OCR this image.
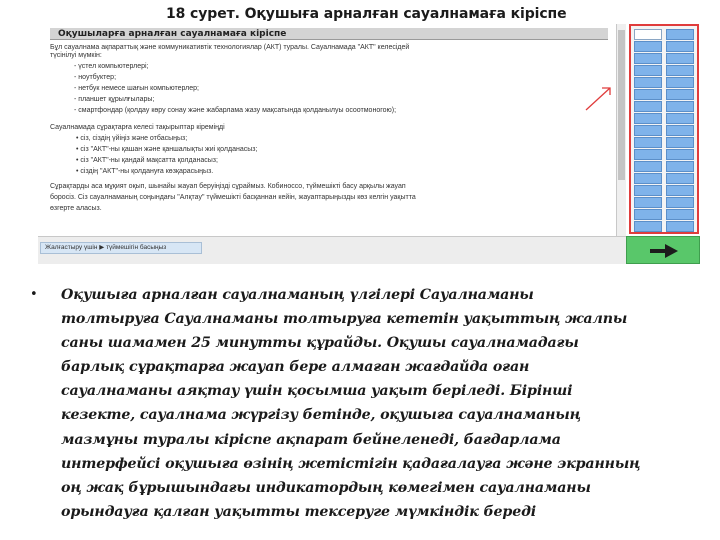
18 сурет. Оқушыға арналған сауалнамаға кіріспе
Оқушыларға арналған сауалнамаға кіріспе

Бұл сауалнама ақпараттық және коммуникативтік технологиялар (АКТ) туралы. Сауалнамада "АКТ" келесідей

түсінілуі мүмкін:

- үстел компьютерлері;

- ноутбуктер;

- нетбук немесе шағын компьютерлер;

- планшет құрылғылары;

- смартфондар (қолдау көру сонау және жабарлама жазу мақсатында қолданылуы осоотмоногою);

Сауалнамада сұрақтарға келесі тақырыптар кіреміңді

• сіз, сіздің үйіңіз және отбасыңыз;

• сіз "АКТ"-ны қашан және қаншалықты жиі қолданасыз;

• сіз "АКТ"-ны қандай мақсатта қолданасыз;

• сіздің "АКТ"-ны қолдануға көзқарасыңыз.

Сұрақтарды аса мұқият оқып, шынайы жауап беруіңізді сұраймыз. Кобиноссо, түймешікті басу арқылы жауап

боросіз. Сіз сауалнаманың соңындағы "Алқтау" түймешікті басқаннан кейін, жауаптарыңызды көз келгін уақытта

өзгерте аласыз.

Жалғастыру үшін ▶ түймешігін басыңыз
• Оқушыға арналған сауалнаманың үлгілері Сауалнаманы
толтыруға Сауалнаманы толтыруға кететін уақыттың жалпы
саны шамамен 25 минутты құрайды. Оқушы сауалнамадағы
барлық сұрақтарға жауап бере алмаған жағдайда оған
сауалнаманы аяқтау үшін қосымша уақыт беріледі. Бірінші
кезекте, сауалнама жүргізу бетінде, оқушыға сауалнаманың
мазмұны туралы кіріспе ақпарат бейнеленеді, бағдарлама
интерфейсі оқушыға өзінің жетістігін қадағалауға және экранның
оң жақ бұрышындағы индикатордың көмегімен сауалнаманы
орындауға қалған уақытты тексеруге мүмкіндік береді
